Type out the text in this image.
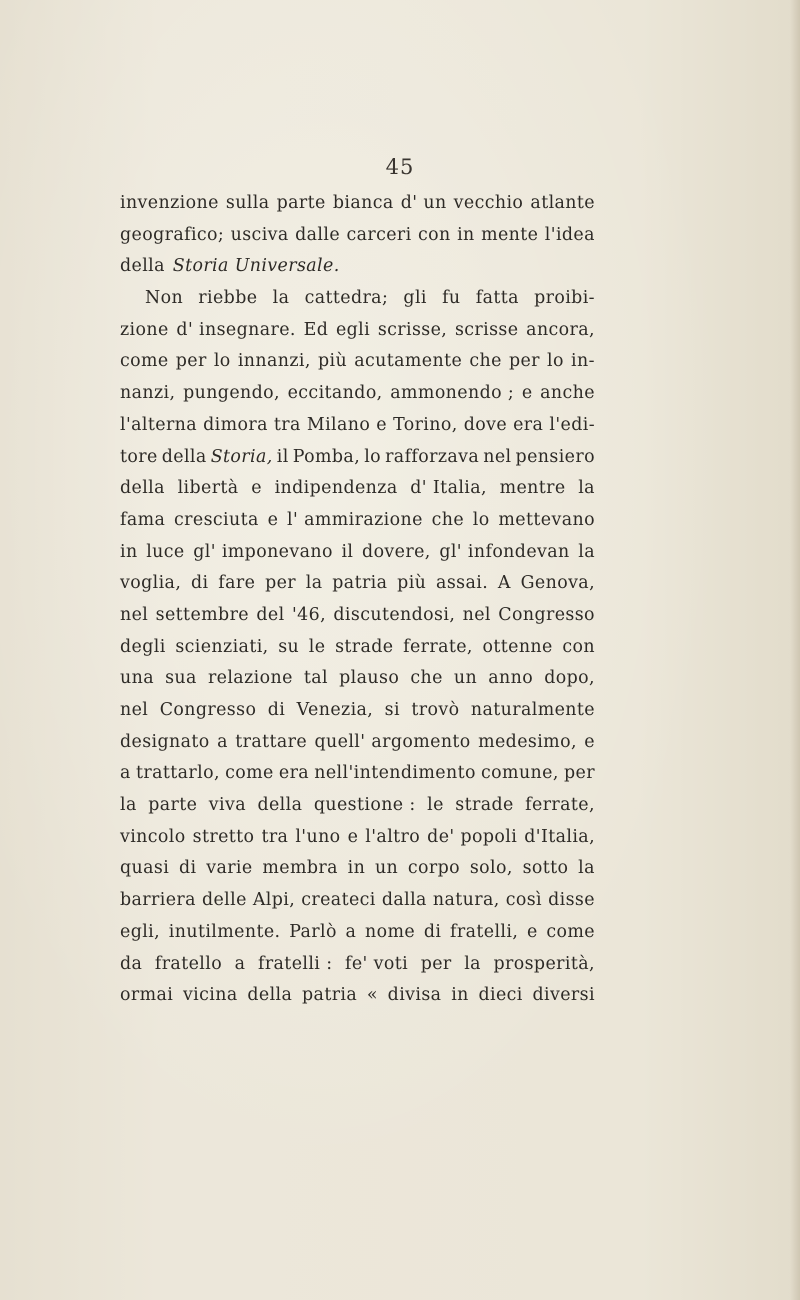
45
invenzione sulla parte bianca d' un vecchio atlante
geografico; usciva dalle carceri con in mente l'idea
della Storia Universale.
Non riebbe la cattedra; gli fu fatta proibi-
zione d' insegnare. Ed egli scrisse, scrisse ancora,
come per lo innanzi, più acutamente che per lo in-
nanzi, pungendo, eccitando, ammonendo ; e anche
l'alterna dimora tra Milano e Torino, dove era l'edi-
tore della Storia, il Pomba, lo rafforzava nel pensiero
della libertà e indipendenza d' Italia, mentre la
fama cresciuta e l' ammirazione che lo mettevano
in luce gl' imponevano il dovere, gl' infondevan la
voglia, di fare per la patria più assai. A Genova,
nel settembre del '46, discutendosi, nel Congresso
degli scienziati, su le strade ferrate, ottenne con
una sua relazione tal plauso che un anno dopo,
nel Congresso di Venezia, si trovò naturalmente
designato a trattare quell' argomento medesimo, e
a trattarlo, come era nell'intendimento comune, per
la parte viva della questione : le strade ferrate,
vincolo stretto tra l'uno e l'altro de' popoli d'Italia,
quasi di varie membra in un corpo solo, sotto la
barriera delle Alpi, createci dalla natura, così disse
egli, inutilmente. Parlò a nome di fratelli, e come
da fratello a fratelli : fe' voti per la prosperità,
ormai vicina della patria « divisa in dieci diversi
